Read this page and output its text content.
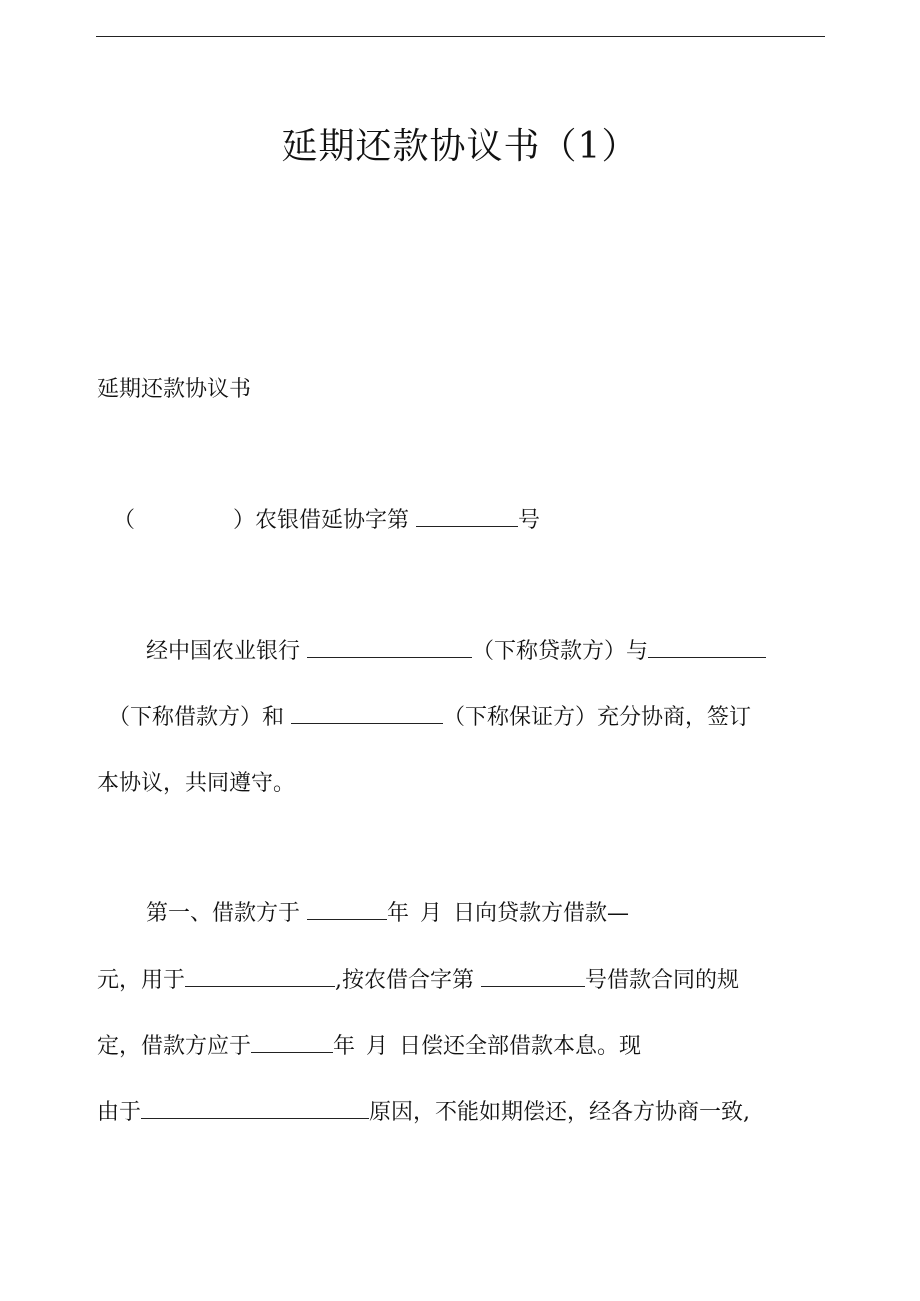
延期还款协议书（1）
延期还款协议书
（	）农银借延协字第	号
经中国农业银行	（下称贷款方）与
（下称借款方）和	（下称保证方）充分协商，签订
本协议，共同遵守。
第一、借款方于	年 月 日向贷款方借款—
元，用于	,按农借合字第	号借款合同的规
定，借款方应于	年 月 日偿还全部借款本息。现
由于	原因，不能如期偿还，经各方协商一致,
